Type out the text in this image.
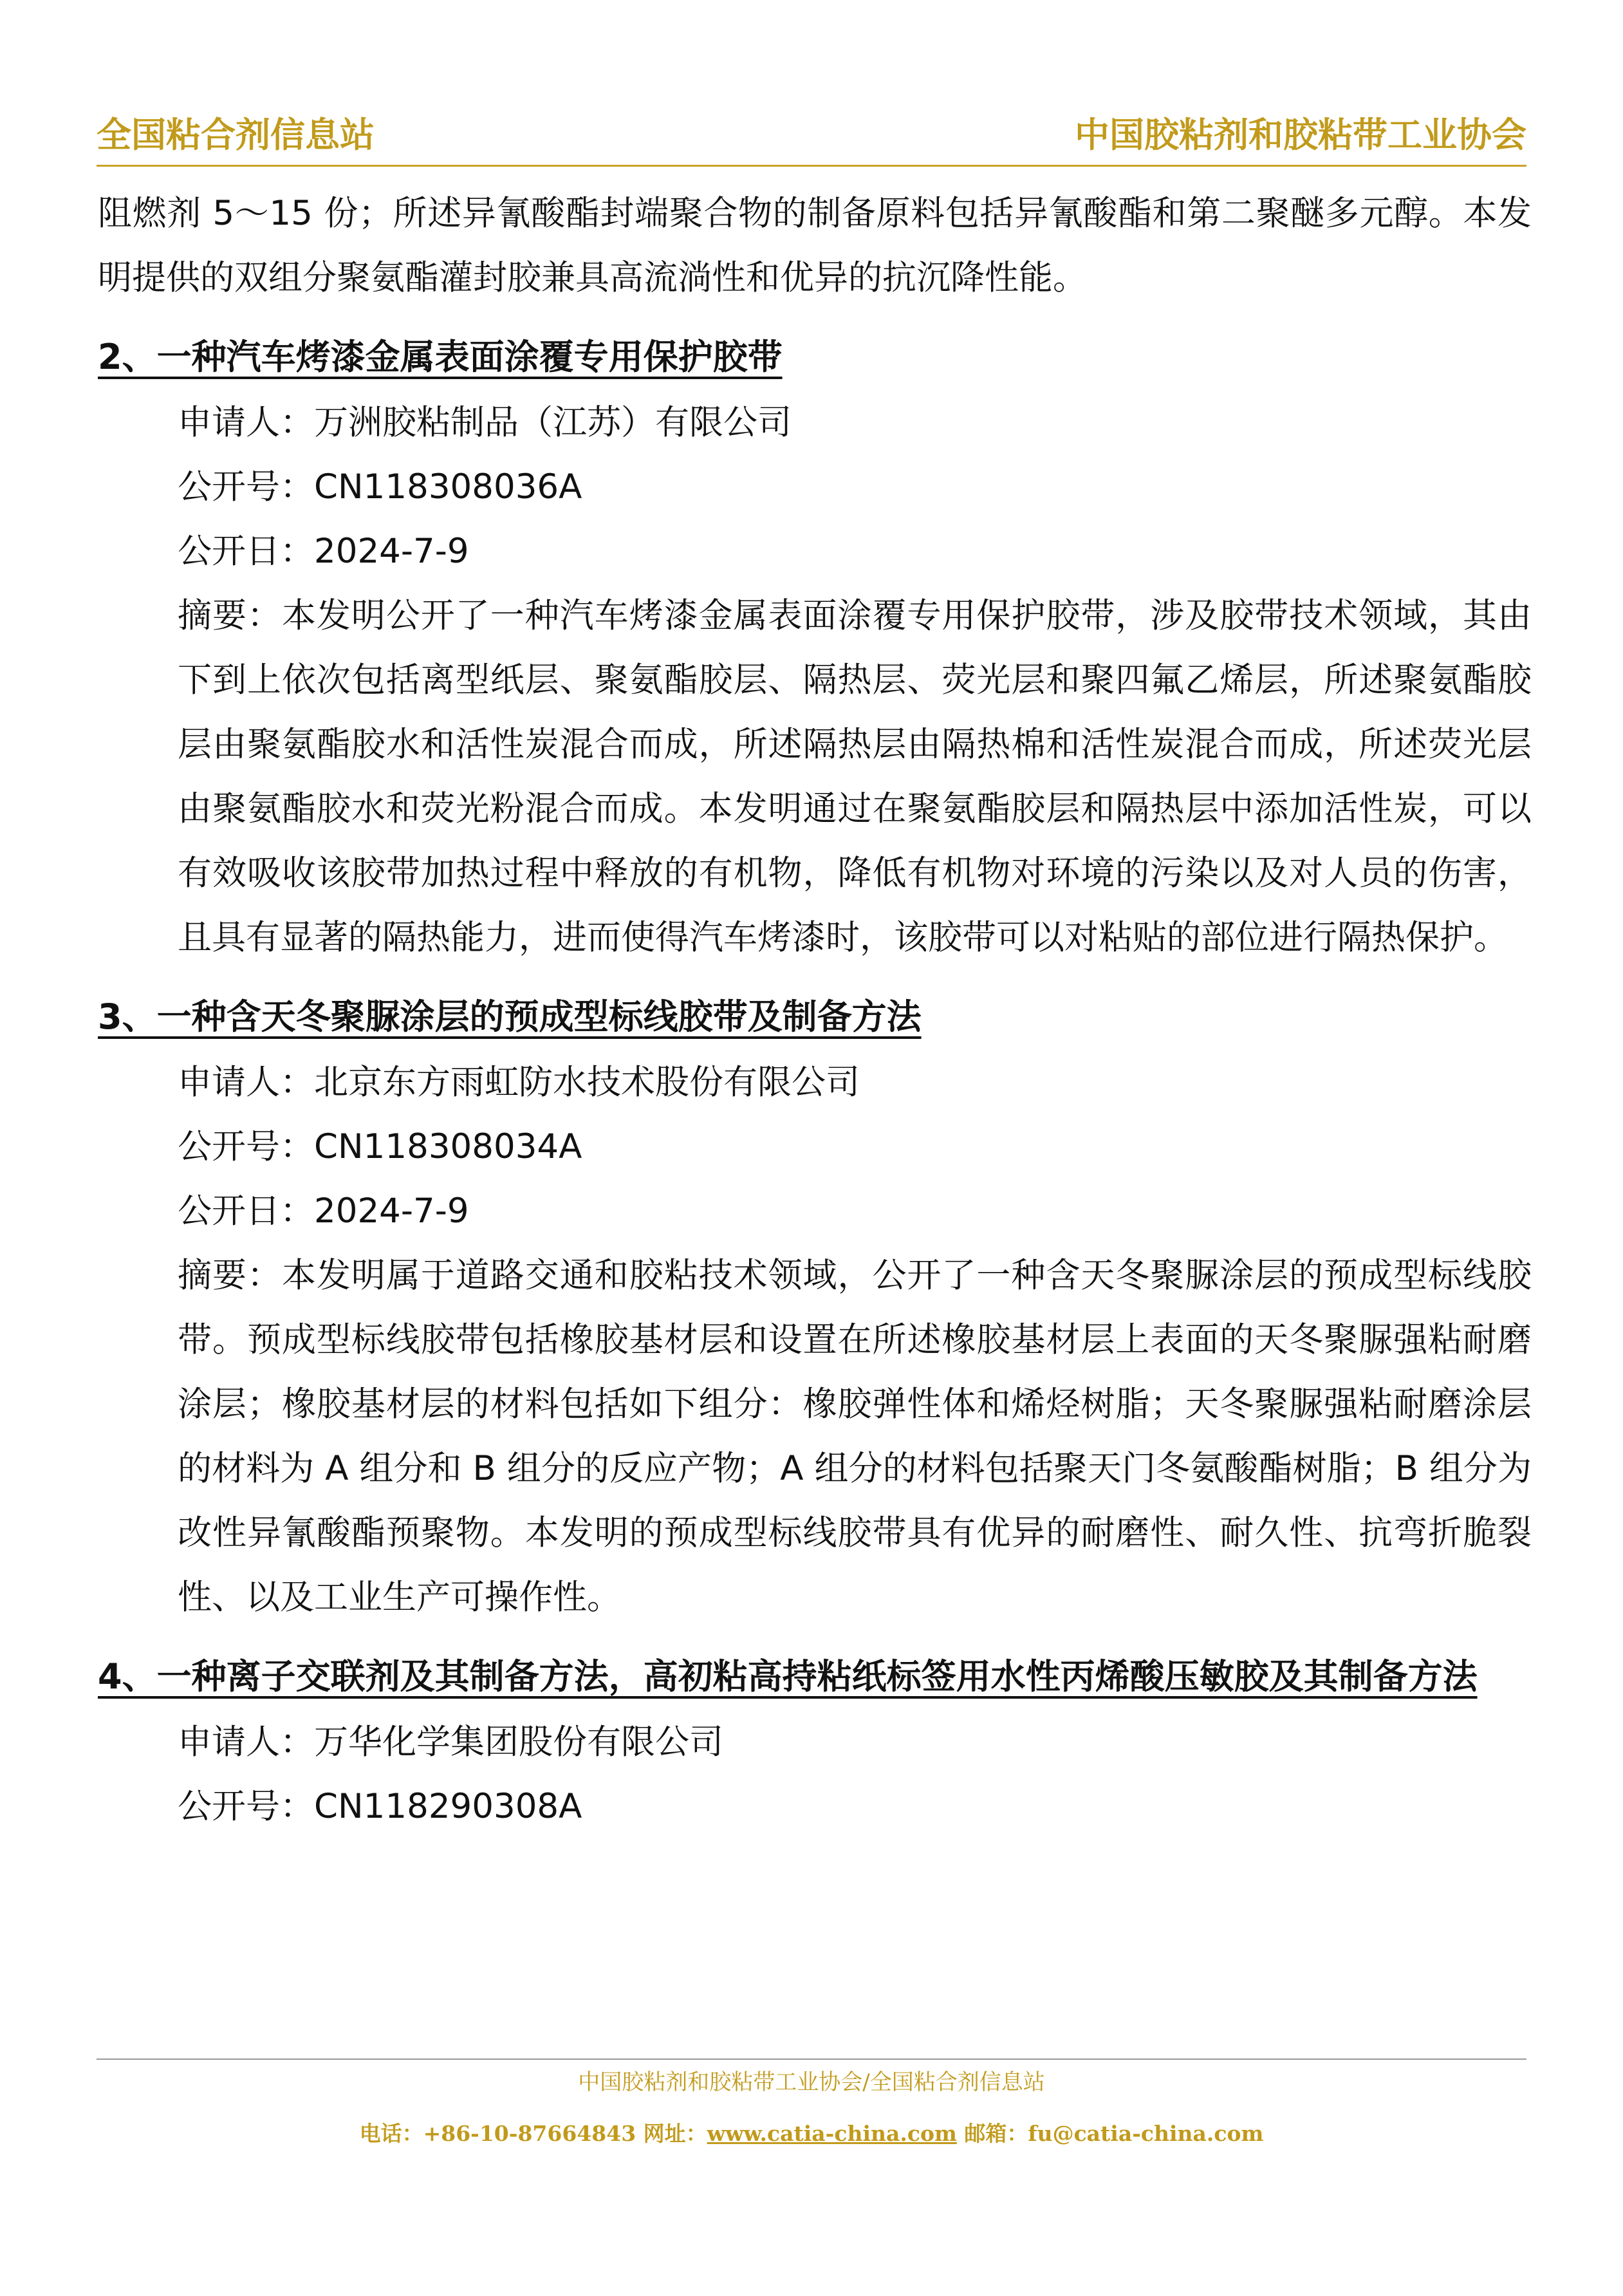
全国粘合剂信息站	中国胶粘剂和胶粘带工业协会

阻燃剂 5～15 份；所述异氰酸酯封端聚合物的制备原料包括异氰酸酯和第二聚醚多元醇。本发明提供的双组分聚氨酯灌封胶兼具高流淌性和优异的抗沉降性能。

2、一种汽车烤漆金属表面涂覆专用保护胶带

申请人：万洲胶粘制品（江苏）有限公司

公开号：CN118308036A

公开日：2024-7-9

摘要：本发明公开了一种汽车烤漆金属表面涂覆专用保护胶带，涉及胶带技术领域，其由下到上依次包括离型纸层、聚氨酯胶层、隔热层、荧光层和聚四氟乙烯层，所述聚氨酯胶层由聚氨酯胶水和活性炭混合而成，所述隔热层由隔热棉和活性炭混合而成，所述荧光层由聚氨酯胶水和荧光粉混合而成。本发明通过在聚氨酯胶层和隔热层中添加活性炭，可以有效吸收该胶带加热过程中释放的有机物，降低有机物对环境的污染以及对人员的伤害，且具有显著的隔热能力，进而使得汽车烤漆时，该胶带可以对粘贴的部位进行隔热保护。

3、一种含天冬聚脲涂层的预成型标线胶带及制备方法

申请人：北京东方雨虹防水技术股份有限公司

公开号：CN118308034A

公开日：2024-7-9

摘要：本发明属于道路交通和胶粘技术领域，公开了一种含天冬聚脲涂层的预成型标线胶带。预成型标线胶带包括橡胶基材层和设置在所述橡胶基材层上表面的天冬聚脲强粘耐磨涂层；橡胶基材层的材料包括如下组分：橡胶弹性体和烯烃树脂；天冬聚脲强粘耐磨涂层的材料为 A 组分和 B 组分的反应产物；A 组分的材料包括聚天门冬氨酸酯树脂；B 组分为改性异氰酸酯预聚物。本发明的预成型标线胶带具有优异的耐磨性、耐久性、抗弯折脆裂性、以及工业生产可操作性。

4、一种离子交联剂及其制备方法，高初粘高持粘纸标签用水性丙烯酸压敏胶及其制备方法

申请人：万华化学集团股份有限公司

公开号：CN118290308A

中国胶粘剂和胶粘带工业协会/全国粘合剂信息站
电话：+86-10-87664843 网址：www.catia-china.com 邮箱：fu@catia-china.com
